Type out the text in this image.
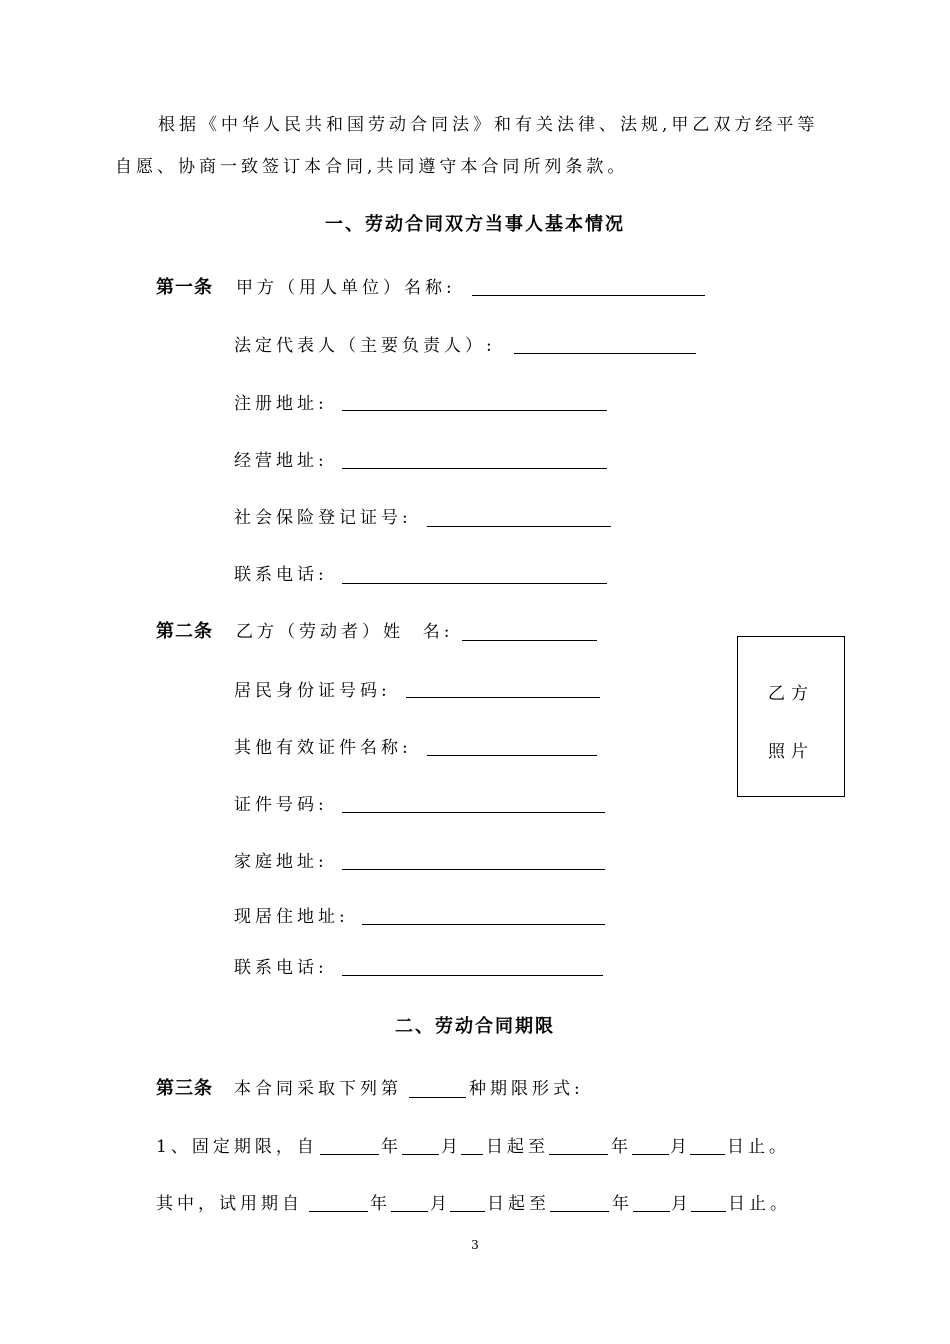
根据《中华人民共和国劳动合同法》和有关法律、法规,甲乙双方经平等
自愿、协商一致签订本合同,共同遵守本合同所列条款。
一、劳动合同双方当事人基本情况
第一条 甲方（用人单位）名称:
法定代表人（主要负责人）:
注册地址:
经营地址:
社会保险登记证号:
联系电话:
第二条 乙方（劳动者）姓  名:
居民身份证号码:
其他有效证件名称:
证件号码:
家庭地址:
现居住地址:
联系电话:
乙方
照片
二、劳动合同期限
第三条 本合同采取下列第	种期限形式:
1、固定期限，自	年 月 日起至	年 月 日止。
其中，试用期自	年 月 日起至	年 月 日止。
3
